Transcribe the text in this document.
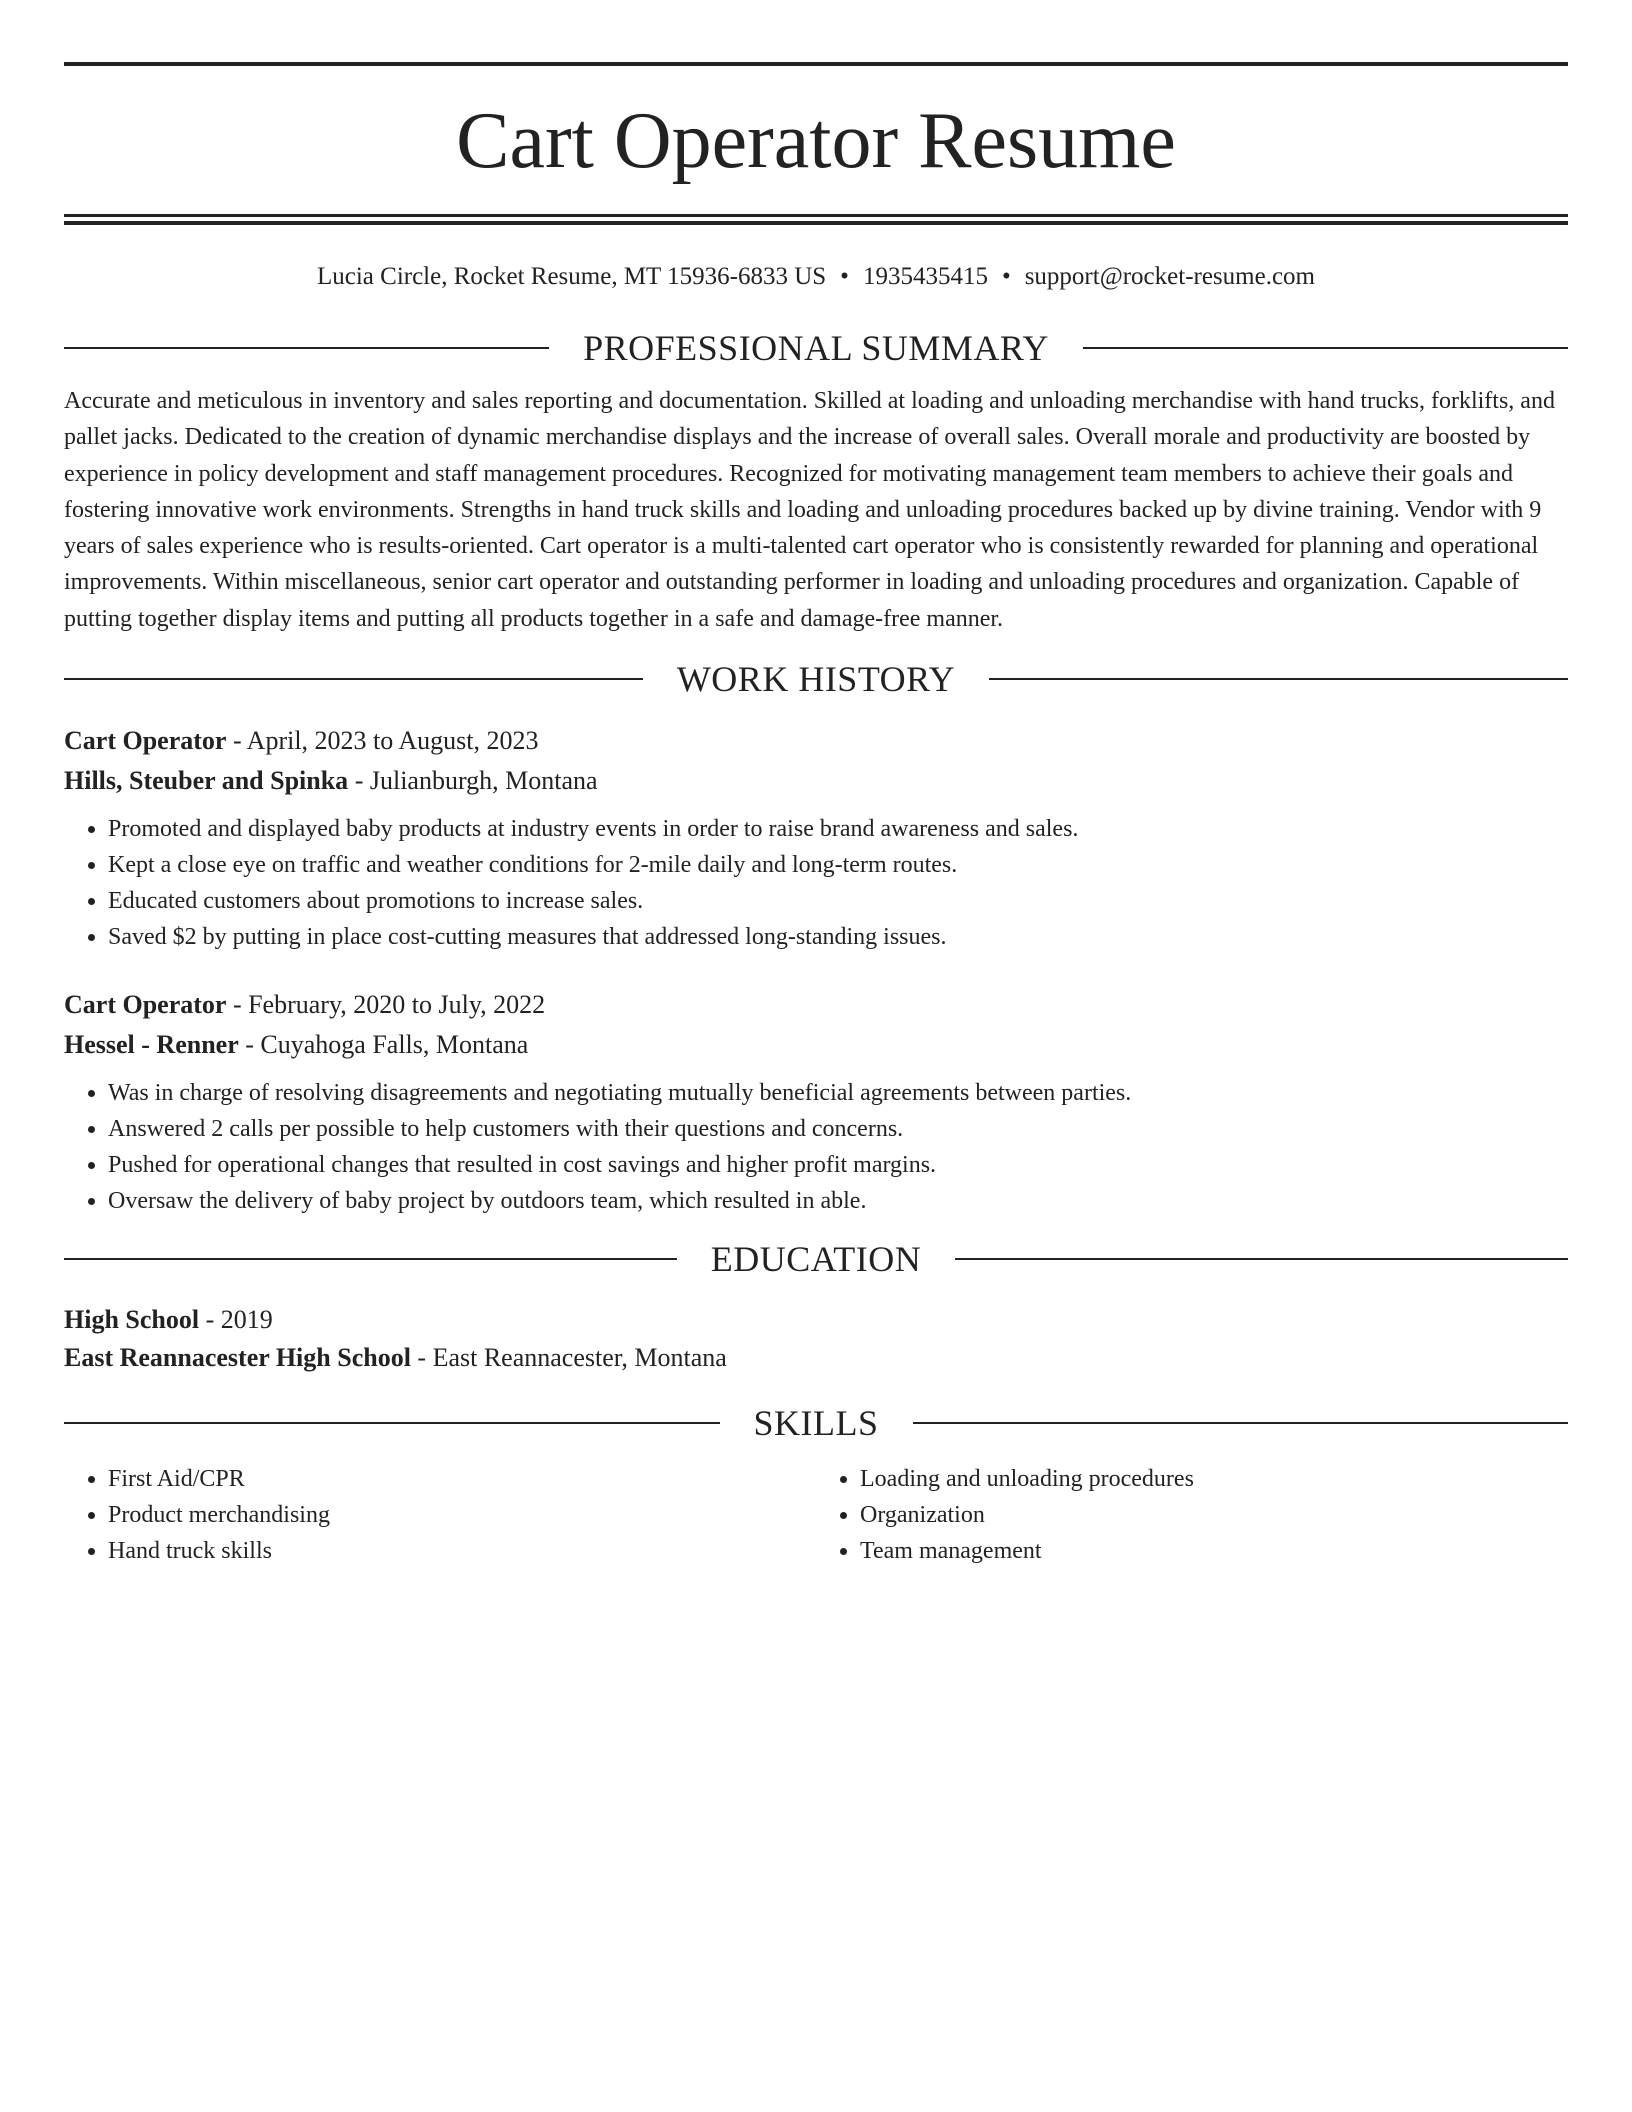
Cart Operator Resume
Lucia Circle, Rocket Resume, MT 15936-6833 US • 1935435415 • support@rocket-resume.com
PROFESSIONAL SUMMARY

Accurate and meticulous in inventory and sales reporting and documentation. Skilled at loading and unloading merchandise with hand trucks, forklifts, and pallet jacks. Dedicated to the creation of dynamic merchandise displays and the increase of overall sales. Overall morale and productivity are boosted by experience in policy development and staff management procedures. Recognized for motivating management team members to achieve their goals and fostering innovative work environments. Strengths in hand truck skills and loading and unloading procedures backed up by divine training. Vendor with 9 years of sales experience who is results-oriented. Cart operator is a multi-talented cart operator who is consistently rewarded for planning and operational improvements. Within miscellaneous, senior cart operator and outstanding performer in loading and unloading procedures and organization. Capable of putting together display items and putting all products together in a safe and damage-free manner.

WORK HISTORY
Cart Operator - April, 2023 to August, 2023
Hills, Steuber and Spinka - Julianburgh, Montana
• Promoted and displayed baby products at industry events in order to raise brand awareness and sales.
• Kept a close eye on traffic and weather conditions for 2-mile daily and long-term routes.
• Educated customers about promotions to increase sales.
• Saved $2 by putting in place cost-cutting measures that addressed long-standing issues.
Cart Operator - February, 2020 to July, 2022
Hessel - Renner - Cuyahoga Falls, Montana
• Was in charge of resolving disagreements and negotiating mutually beneficial agreements between parties.
• Answered 2 calls per possible to help customers with their questions and concerns.
• Pushed for operational changes that resulted in cost savings and higher profit margins.
• Oversaw the delivery of baby project by outdoors team, which resulted in able.
EDUCATION
High School - 2019
East Reannacester High School - East Reannacester, Montana
SKILLS
• First Aid/CPR
• Product merchandising
• Hand truck skills
• Loading and unloading procedures
• Organization
• Team management
